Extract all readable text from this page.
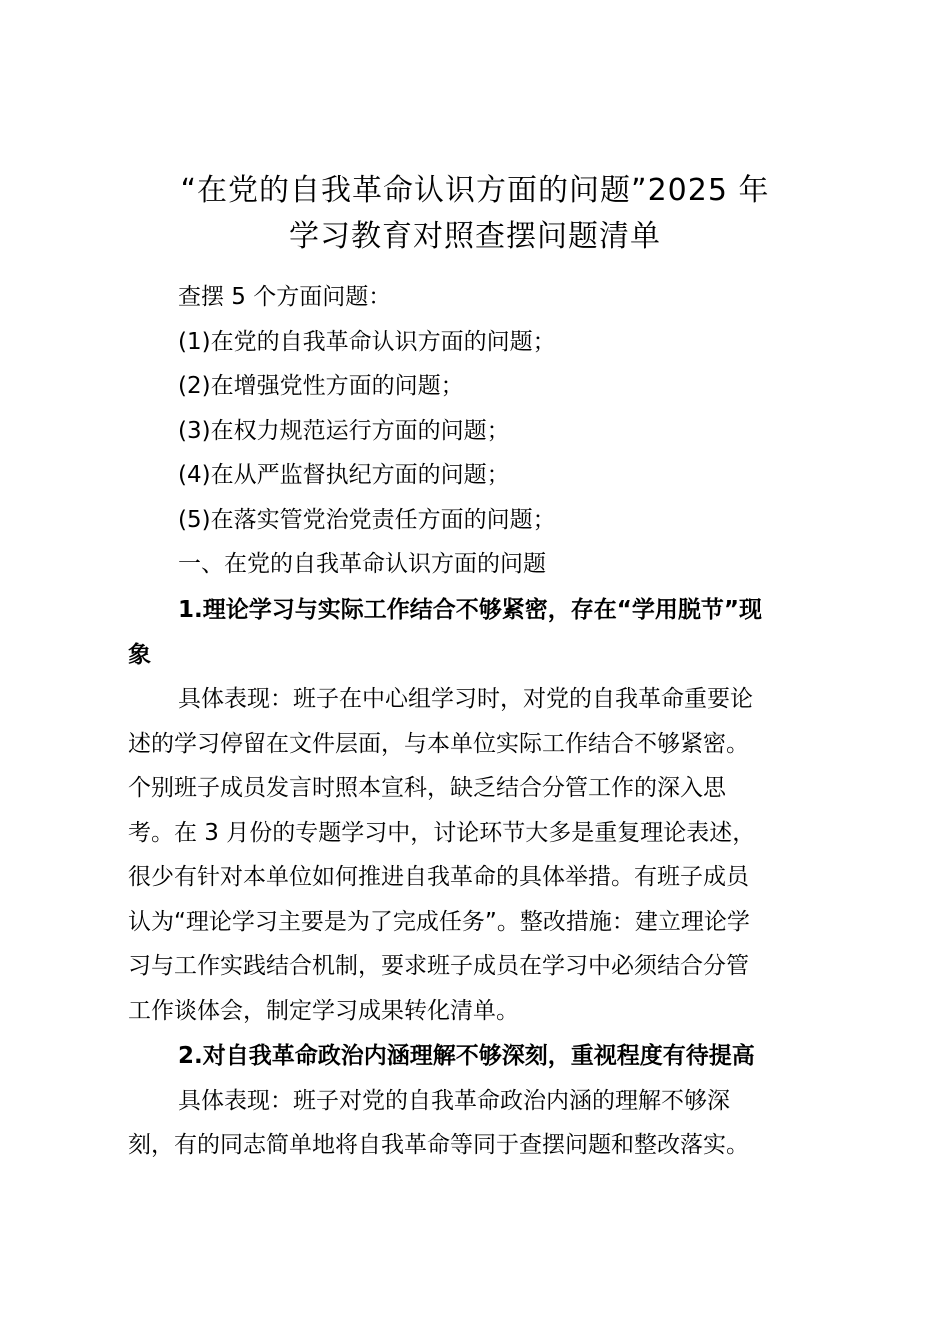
“在党的自我革命认识方面的问题”2025 年
学习教育对照查摆问题清单
查摆 5 个方面问题：
(1)在党的自我革命认识方面的问题；
(2)在增强党性方面的问题；
(3)在权力规范运行方面的问题；
(4)在从严监督执纪方面的问题；
(5)在落实管党治党责任方面的问题；
一、在党的自我革命认识方面的问题
1.理论学习与实际工作结合不够紧密，存在“学用脱节”现
象
具体表现：班子在中心组学习时，对党的自我革命重要论
述的学习停留在文件层面，与本单位实际工作结合不够紧密。
个别班子成员发言时照本宣科，缺乏结合分管工作的深入思
考。在 3 月份的专题学习中，讨论环节大多是重复理论表述，
很少有针对本单位如何推进自我革命的具体举措。有班子成员
认为“理论学习主要是为了完成任务”。整改措施：建立理论学
习与工作实践结合机制，要求班子成员在学习中必须结合分管
工作谈体会，制定学习成果转化清单。
2.对自我革命政治内涵理解不够深刻，重视程度有待提高
具体表现：班子对党的自我革命政治内涵的理解不够深
刻，有的同志简单地将自我革命等同于查摆问题和整改落实。
